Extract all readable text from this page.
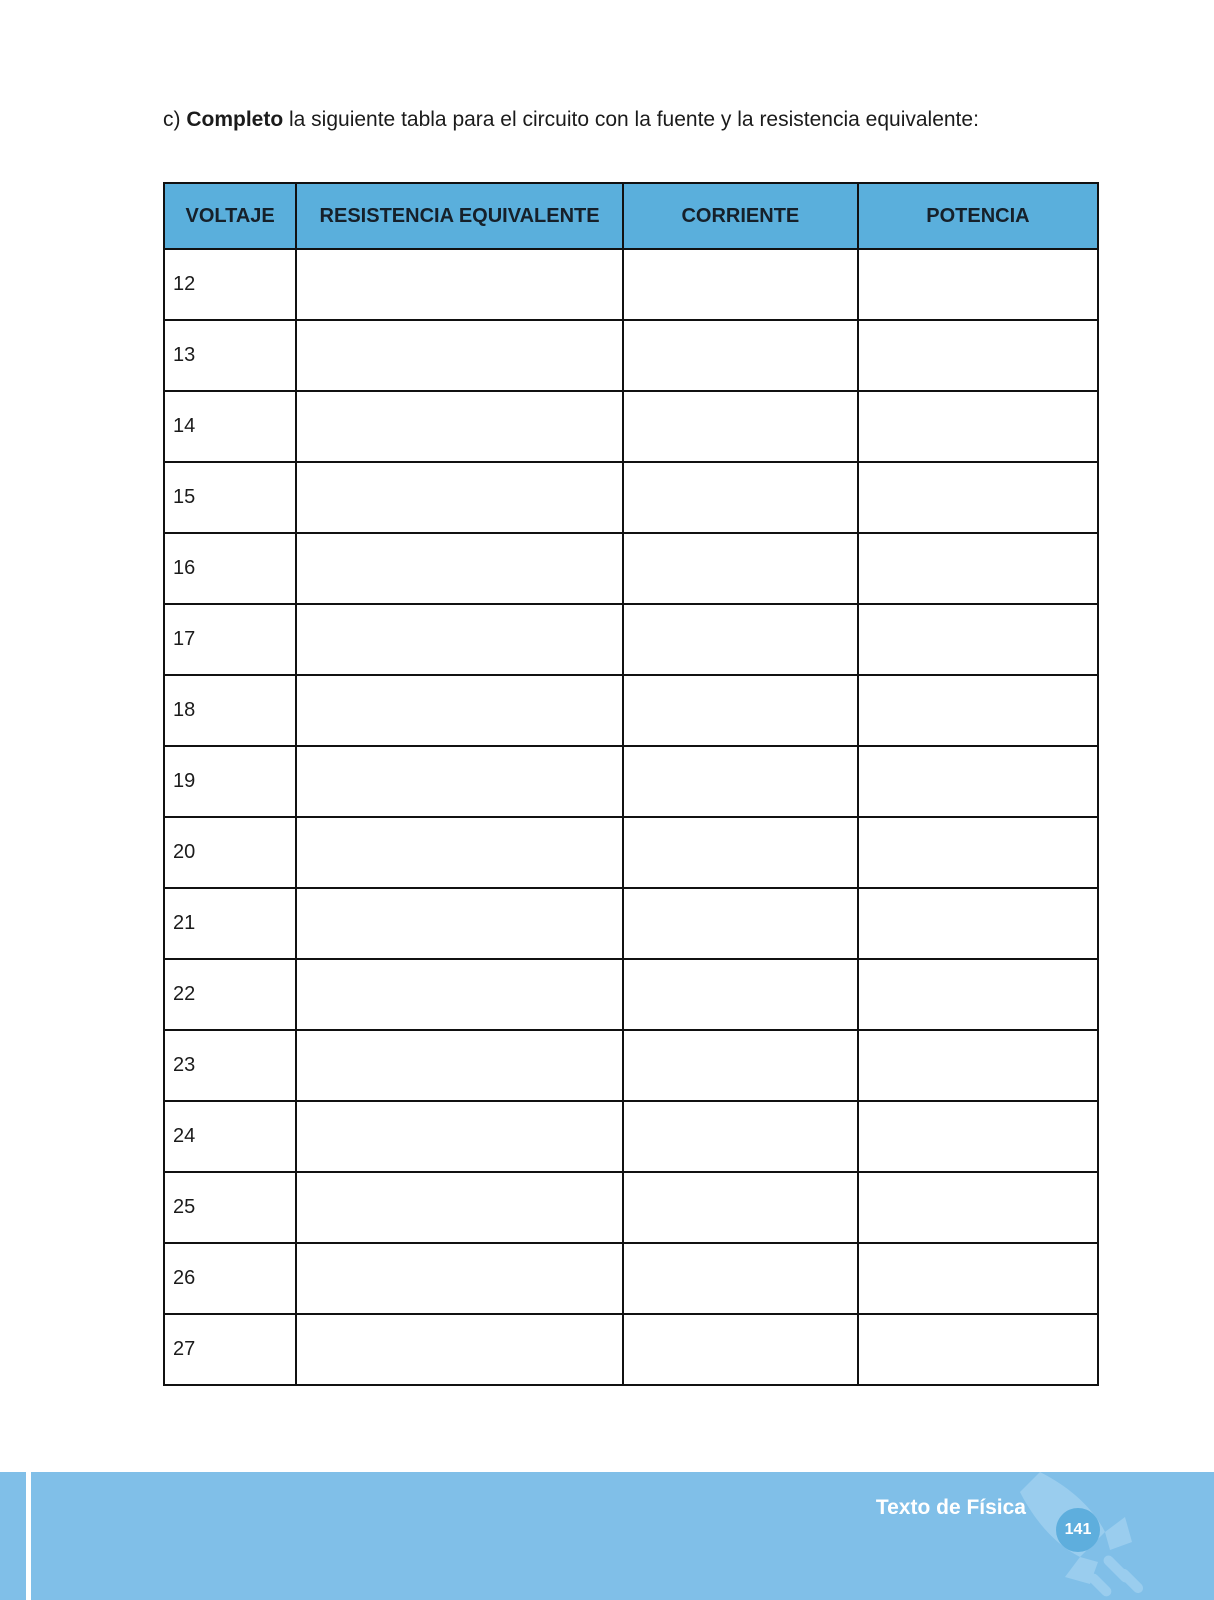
c) Completo la siguiente tabla para el circuito con la fuente y la resistencia equivalente:

VOLTAJE	RESISTENCIA EQUIVALENTE	CORRIENTE	POTENCIA
12			
13			
14			
15			
16			
17			
18			
19			
20			
21			
22			
23			
24			
25			
26			
27			
Texto de Física
141
